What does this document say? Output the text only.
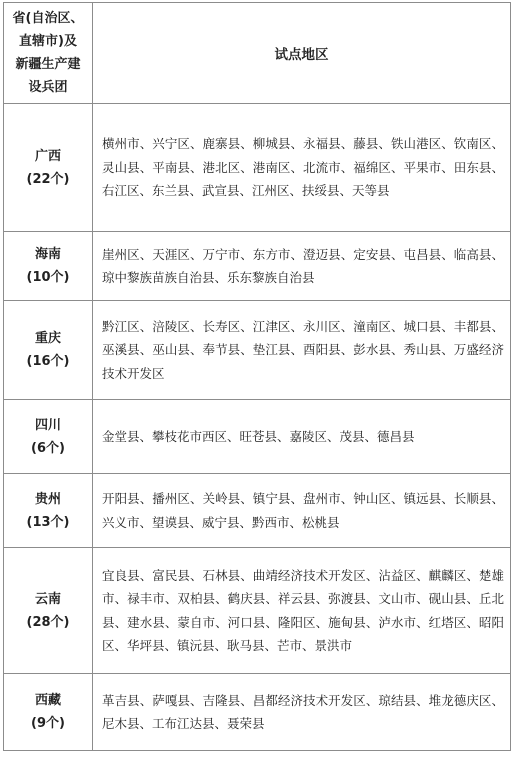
省(自治区、
直辖市)及
新疆生产建
设兵团	试点地区

广西
(22个)	横州市、兴宁区、鹿寨县、柳城县、永福县、藤县、铁山港区、钦南区、灵山县、平南县、港北区、港南区、北流市、福绵区、平果市、田东县、右江区、东兰县、武宣县、江州区、扶绥县、天等县

海南
(10个)	崖州区、天涯区、万宁市、东方市、澄迈县、定安县、屯昌县、临高县、琼中黎族苗族自治县、乐东黎族自治县

重庆
(16个)	黔江区、涪陵区、长寿区、江津区、永川区、潼南区、城口县、丰都县、巫溪县、巫山县、奉节县、垫江县、酉阳县、彭水县、秀山县、万盛经济技术开发区

四川
(6个)	金堂县、攀枝花市西区、旺苍县、嘉陵区、茂县、德昌县

贵州
(13个)	开阳县、播州区、关岭县、镇宁县、盘州市、钟山区、镇远县、长顺县、兴义市、望谟县、威宁县、黔西市、松桃县

云南
(28个)	宜良县、富民县、石林县、曲靖经济技术开发区、沾益区、麒麟区、楚雄市、禄丰市、双柏县、鹤庆县、祥云县、弥渡县、文山市、砚山县、丘北县、建水县、蒙自市、河口县、隆阳区、施甸县、泸水市、红塔区、昭阳区、华坪县、镇沅县、耿马县、芒市、景洪市

西藏
(9个)	革吉县、萨嘎县、吉隆县、昌都经济技术开发区、琼结县、堆龙德庆区、尼木县、工布江达县、聂荣县
